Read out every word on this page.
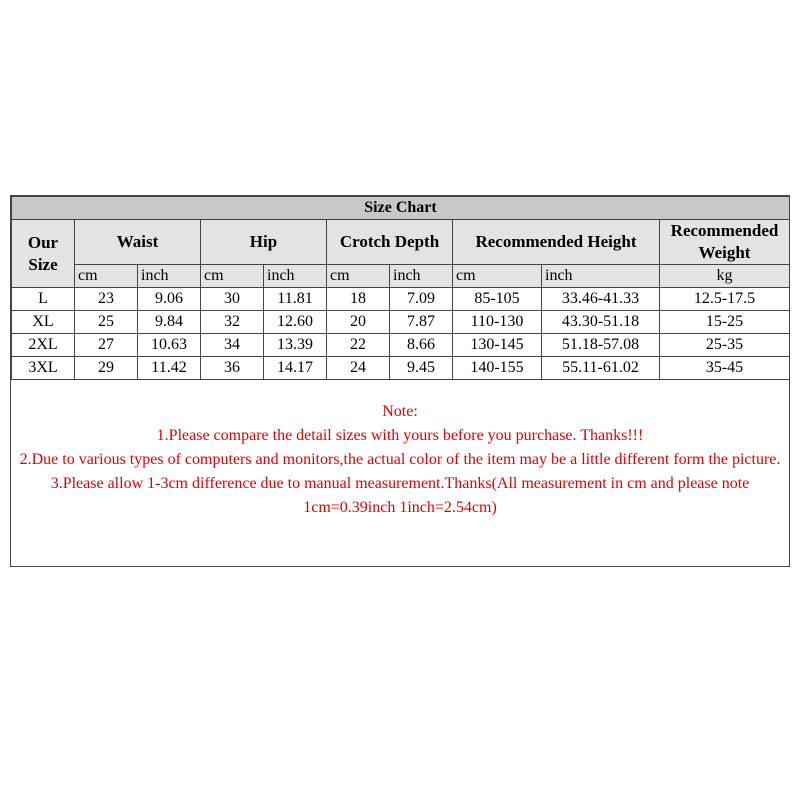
Size Chart									
Our Size	Waist		Hip		Crotch Depth		Recommended Height		Recommended Weight
	cm	inch	cm	inch	cm	inch	cm	inch	kg
L	23	9.06	30	11.81	18	7.09	85-105	33.46-41.33	12.5-17.5
XL	25	9.84	32	12.60	20	7.87	110-130	43.30-51.18	15-25
2XL	27	10.63	34	13.39	22	8.66	130-145	51.18-57.08	25-35
3XL	29	11.42	36	14.17	24	9.45	140-155	55.11-61.02	35-45
Note:
1.Please compare the detail sizes with yours before you purchase. Thanks!!!
2.Due to various types of computers and monitors,the actual color of the item may be a little different form the picture.
3.Please allow 1-3cm difference due to manual measurement.Thanks(All measurement in cm and please note 1cm=0.39inch 1inch=2.54cm)
